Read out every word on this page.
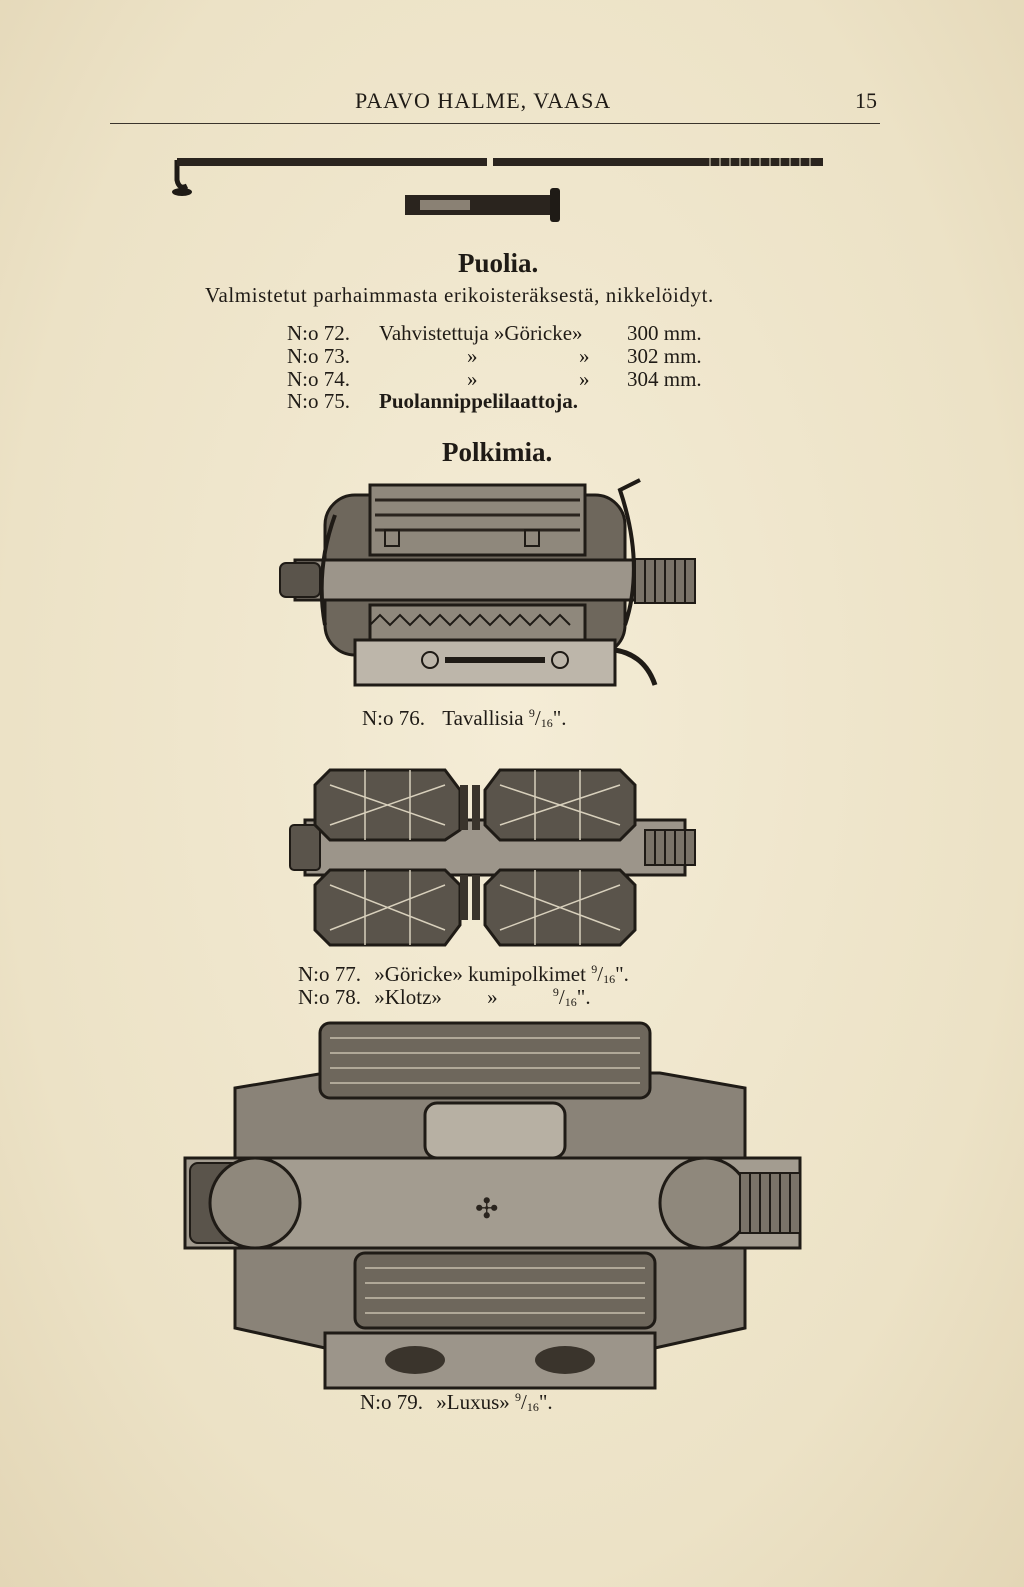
PAAVO HALME, VAASA	15
Puolia.
Valmistetut parhaimmasta erikoisteräksestä, nikkelöidyt.
N:o 72. Vahvistettuja »Göricke» 300 mm.
N:o 73.	»	» 302 mm.
N:o 74.	»	» 304 mm.
N:o 75. Puolannippelilaattoja.
Polkimia.
N:o 76. Tavallisia $^9$/16".
N:o 77. »Göricke» kumipolkimet $^9$/16".
N:o 78. »Klotz» »	$^9$/16".
✣
N:o 79. »Luxus» $^9$/16".
